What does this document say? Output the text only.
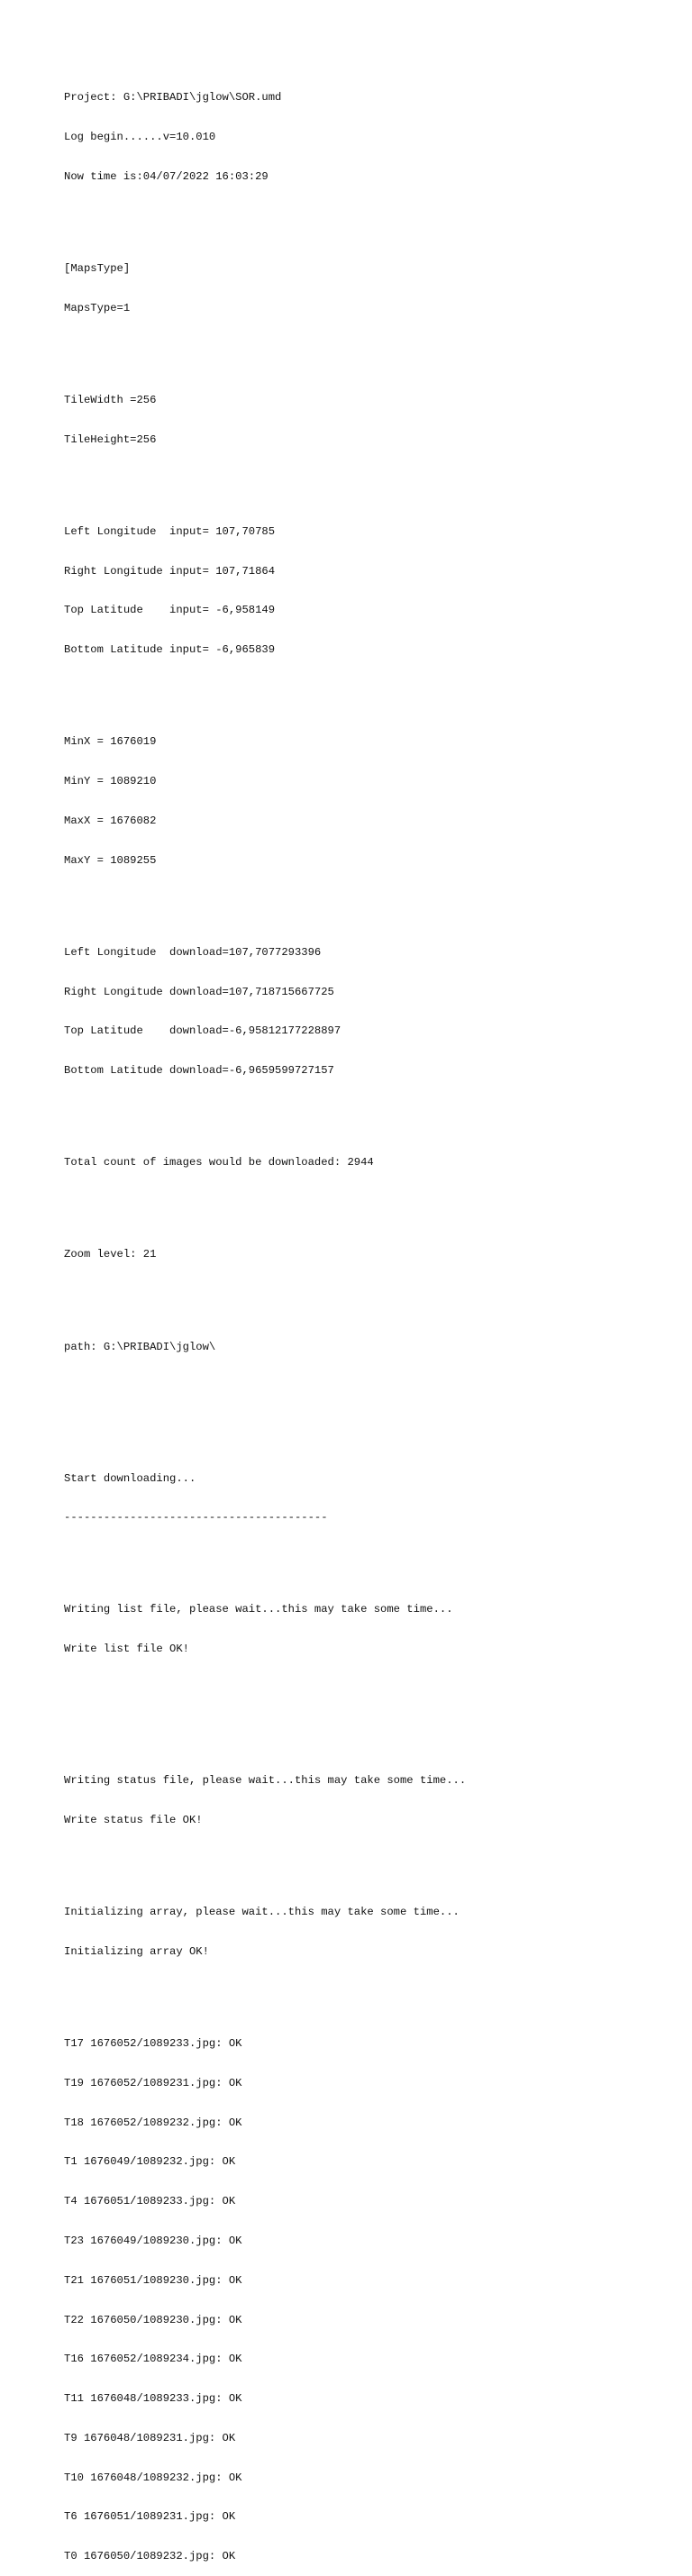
Project: G:\PRIBADI\jglow\SOR.umd

Log begin......v=10.010

Now time is:04/07/2022 16:03:29

[MapsType]

MapsType=1

TileWidth =256

TileHeight=256

Left Longitude  input= 107,70785

Right Longitude input= 107,71864

Top Latitude    input= -6,958149

Bottom Latitude input= -6,965839

MinX = 1676019

MinY = 1089210

MaxX = 1676082

MaxY = 1089255

Left Longitude  download=107,7077293396

Right Longitude download=107,718715667725

Top Latitude    download=-6,95812177228897

Bottom Latitude download=-6,9659599727157

Total count of images would be downloaded: 2944

Zoom level: 21

path: G:\PRIBADI\jglow\

Start downloading...

----------------------------------------

Writing list file, please wait...this may take some time...

Write list file OK!

Writing status file, please wait...this may take some time...

Write status file OK!

Initializing array, please wait...this may take some time...

Initializing array OK!

T17 1676052/1089233.jpg: OK

T19 1676052/1089231.jpg: OK

T18 1676052/1089232.jpg: OK

T1 1676049/1089232.jpg: OK

T4 1676051/1089233.jpg: OK

T23 1676049/1089230.jpg: OK

T21 1676051/1089230.jpg: OK

T22 1676050/1089230.jpg: OK

T16 1676052/1089234.jpg: OK

T11 1676048/1089233.jpg: OK

T9 1676048/1089231.jpg: OK

T10 1676048/1089232.jpg: OK

T6 1676051/1089231.jpg: OK

T0 1676050/1089232.jpg: OK
